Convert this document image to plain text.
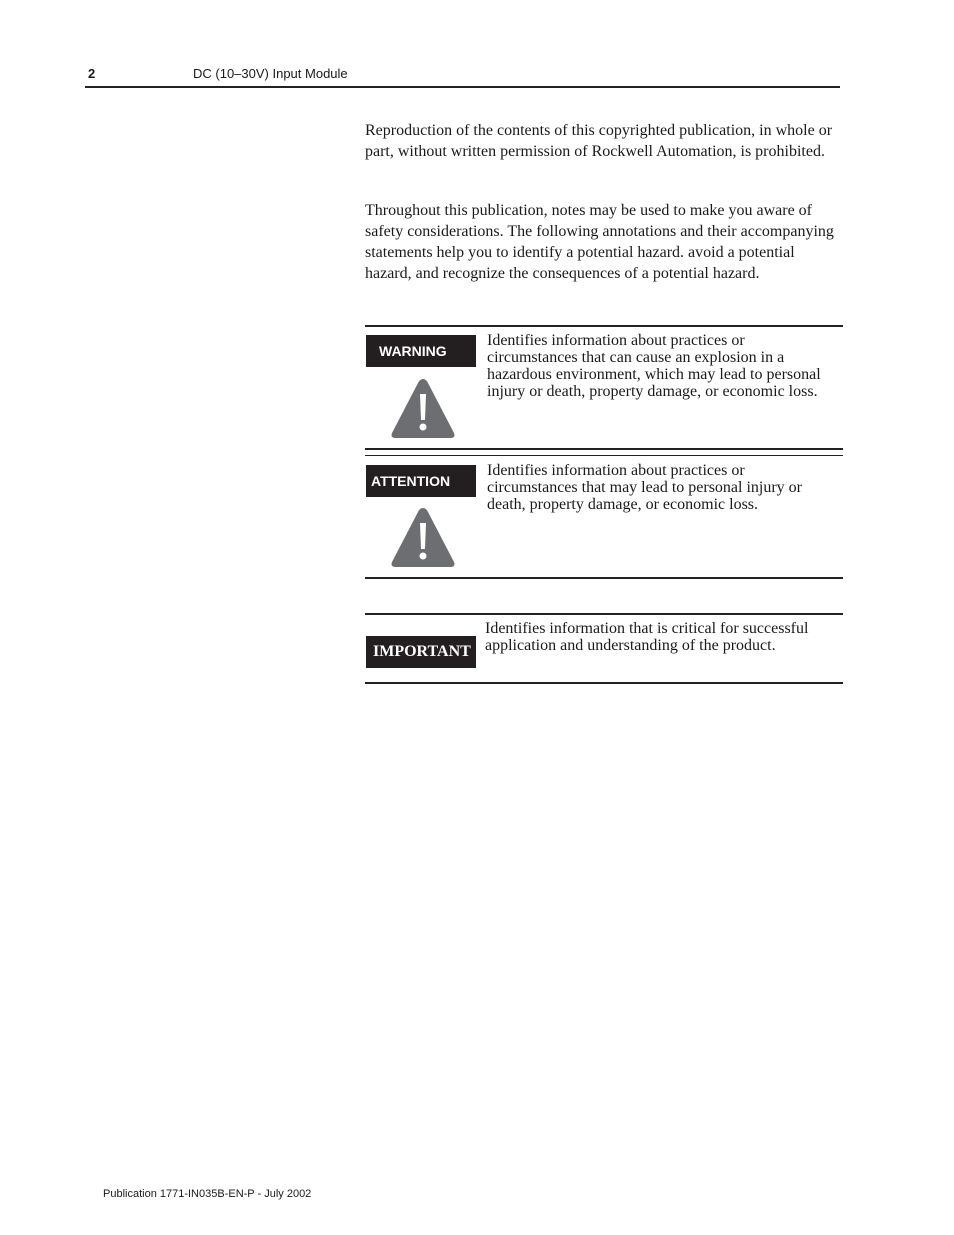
2	DC (10–30V) Input Module

Reproduction of the contents of this copyrighted publication, in whole or part, without written permission of Rockwell Automation, is prohibited.

Throughout this publication, notes may be used to make you aware of safety considerations. The following annotations and their accompanying statements help you to identify a potential hazard. avoid a potential hazard, and recognize the consequences of a potential hazard.

WARNING

Identifies information about practices or circumstances that can cause an explosion in a hazardous environment, which may lead to personal injury or death, property damage, or economic loss.

ATTENTION

Identifies information about practices or circumstances that may lead to personal injury or death, property damage, or economic loss.

IMPORTANT

Identifies information that is critical for successful application and understanding of the product.

Publication 1771-IN035B-EN-P - July 2002
